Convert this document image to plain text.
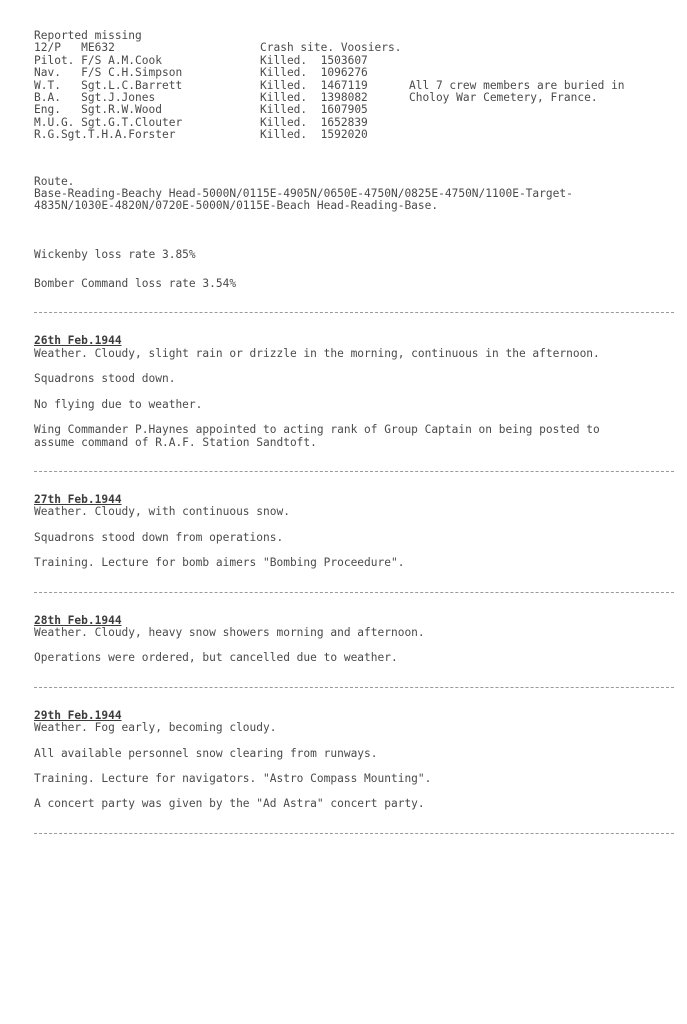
Reported missing
12/P   ME632	Crash site. Voosiers.
Pilot. F/S A.M.Cook	Killed. 1503607
Nav.   F/S C.H.Simpson	Killed. 1096276
W.T.   Sgt.L.C.Barrett	Killed. 1467119	All 7 crew members are buried in
B.A.   Sgt.J.Jones	Killed. 1398082	Choloy War Cemetery, France.
Eng.   Sgt.R.W.Wood	Killed. 1607905
M.U.G. Sgt.G.T.Clouter	Killed. 1652839
R.G.Sgt.T.H.A.Forster	Killed. 1592020
Route.
Base-Reading-Beachy Head-5000N/0115E-4905N/0650E-4750N/0825E-4750N/1100E-Target-
4835N/1030E-4820N/0720E-5000N/0115E-Beach Head-Reading-Base.
Wickenby loss rate 3.85%
Bomber Command loss rate 3.54%
26th Feb.1944
Weather. Cloudy, slight rain or drizzle in the morning, continuous in the afternoon.
Squadrons stood down.
No flying due to weather.
Wing Commander P.Haynes appointed to acting rank of Group Captain on being posted to assume command of R.A.F. Station Sandtoft.
27th Feb.1944
Weather. Cloudy, with continuous snow.
Squadrons stood down from operations.
Training. Lecture for bomb aimers "Bombing Proceedure".
28th Feb.1944
Weather. Cloudy, heavy snow showers morning and afternoon.
Operations were ordered, but cancelled due to weather.
29th Feb.1944
Weather. Fog early, becoming cloudy.
All available personnel snow clearing from runways.
Training. Lecture for navigators. "Astro Compass Mounting".
A concert party was given by the "Ad Astra" concert party.
